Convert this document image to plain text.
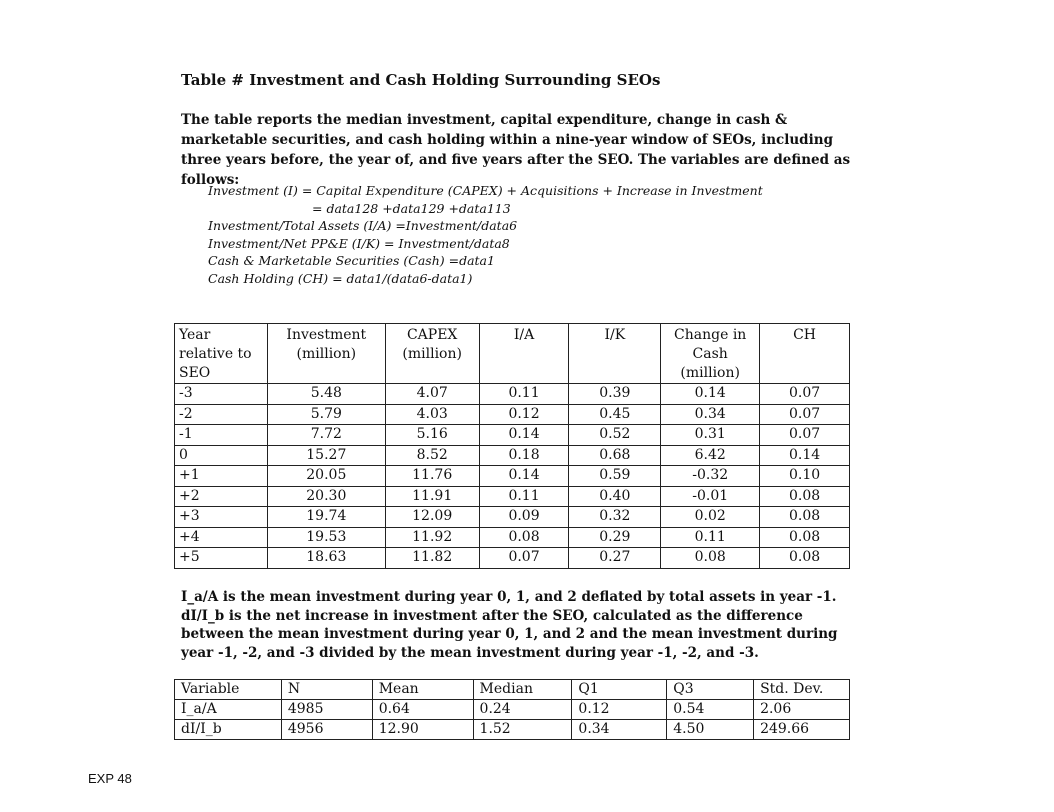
Table # Investment and Cash Holding Surrounding SEOs
The table reports the median investment, capital expenditure, change in cash & marketable securities, and cash holding within a nine-year window of SEOs, including three years before, the year of, and five years after the SEO. The variables are defined as follows:
Investment (I) = Capital Expenditure (CAPEX) + Acquisitions + Increase in Investment
= data128 +data129 +data113
Investment/Total Assets (I/A) =Investment/data6
Investment/Net PP&E (I/K) = Investment/data8
Cash & Marketable Securities (Cash) =data1
Cash Holding (CH) = data1/(data6-data1)
Year relative to SEO	Investment (million)	CAPEX (million)	I/A	I/K	Change in Cash (million)	CH
-3	5.48	4.07	0.11	0.39	0.14	0.07
-2	5.79	4.03	0.12	0.45	0.34	0.07
-1	7.72	5.16	0.14	0.52	0.31	0.07
0	15.27	8.52	0.18	0.68	6.42	0.14
+1	20.05	11.76	0.14	0.59	-0.32	0.10
+2	20.30	11.91	0.11	0.40	-0.01	0.08
+3	19.74	12.09	0.09	0.32	0.02	0.08
+4	19.53	11.92	0.08	0.29	0.11	0.08
+5	18.63	11.82	0.07	0.27	0.08	0.08
I_a/A is the mean investment during year 0, 1, and 2 deflated by total assets in year -1.
dI/I_b is the net increase in investment after the SEO, calculated as the difference between the mean investment during year 0, 1, and 2 and the mean investment during year -1, -2, and -3 divided by the mean investment during year -1, -2, and -3.
Variable	N	Mean	Median	Q1	Q3	Std. Dev.
I_a/A	4985	0.64	0.24	0.12	0.54	2.06
dI/I_b	4956	12.90	1.52	0.34	4.50	249.66
EXP 48
